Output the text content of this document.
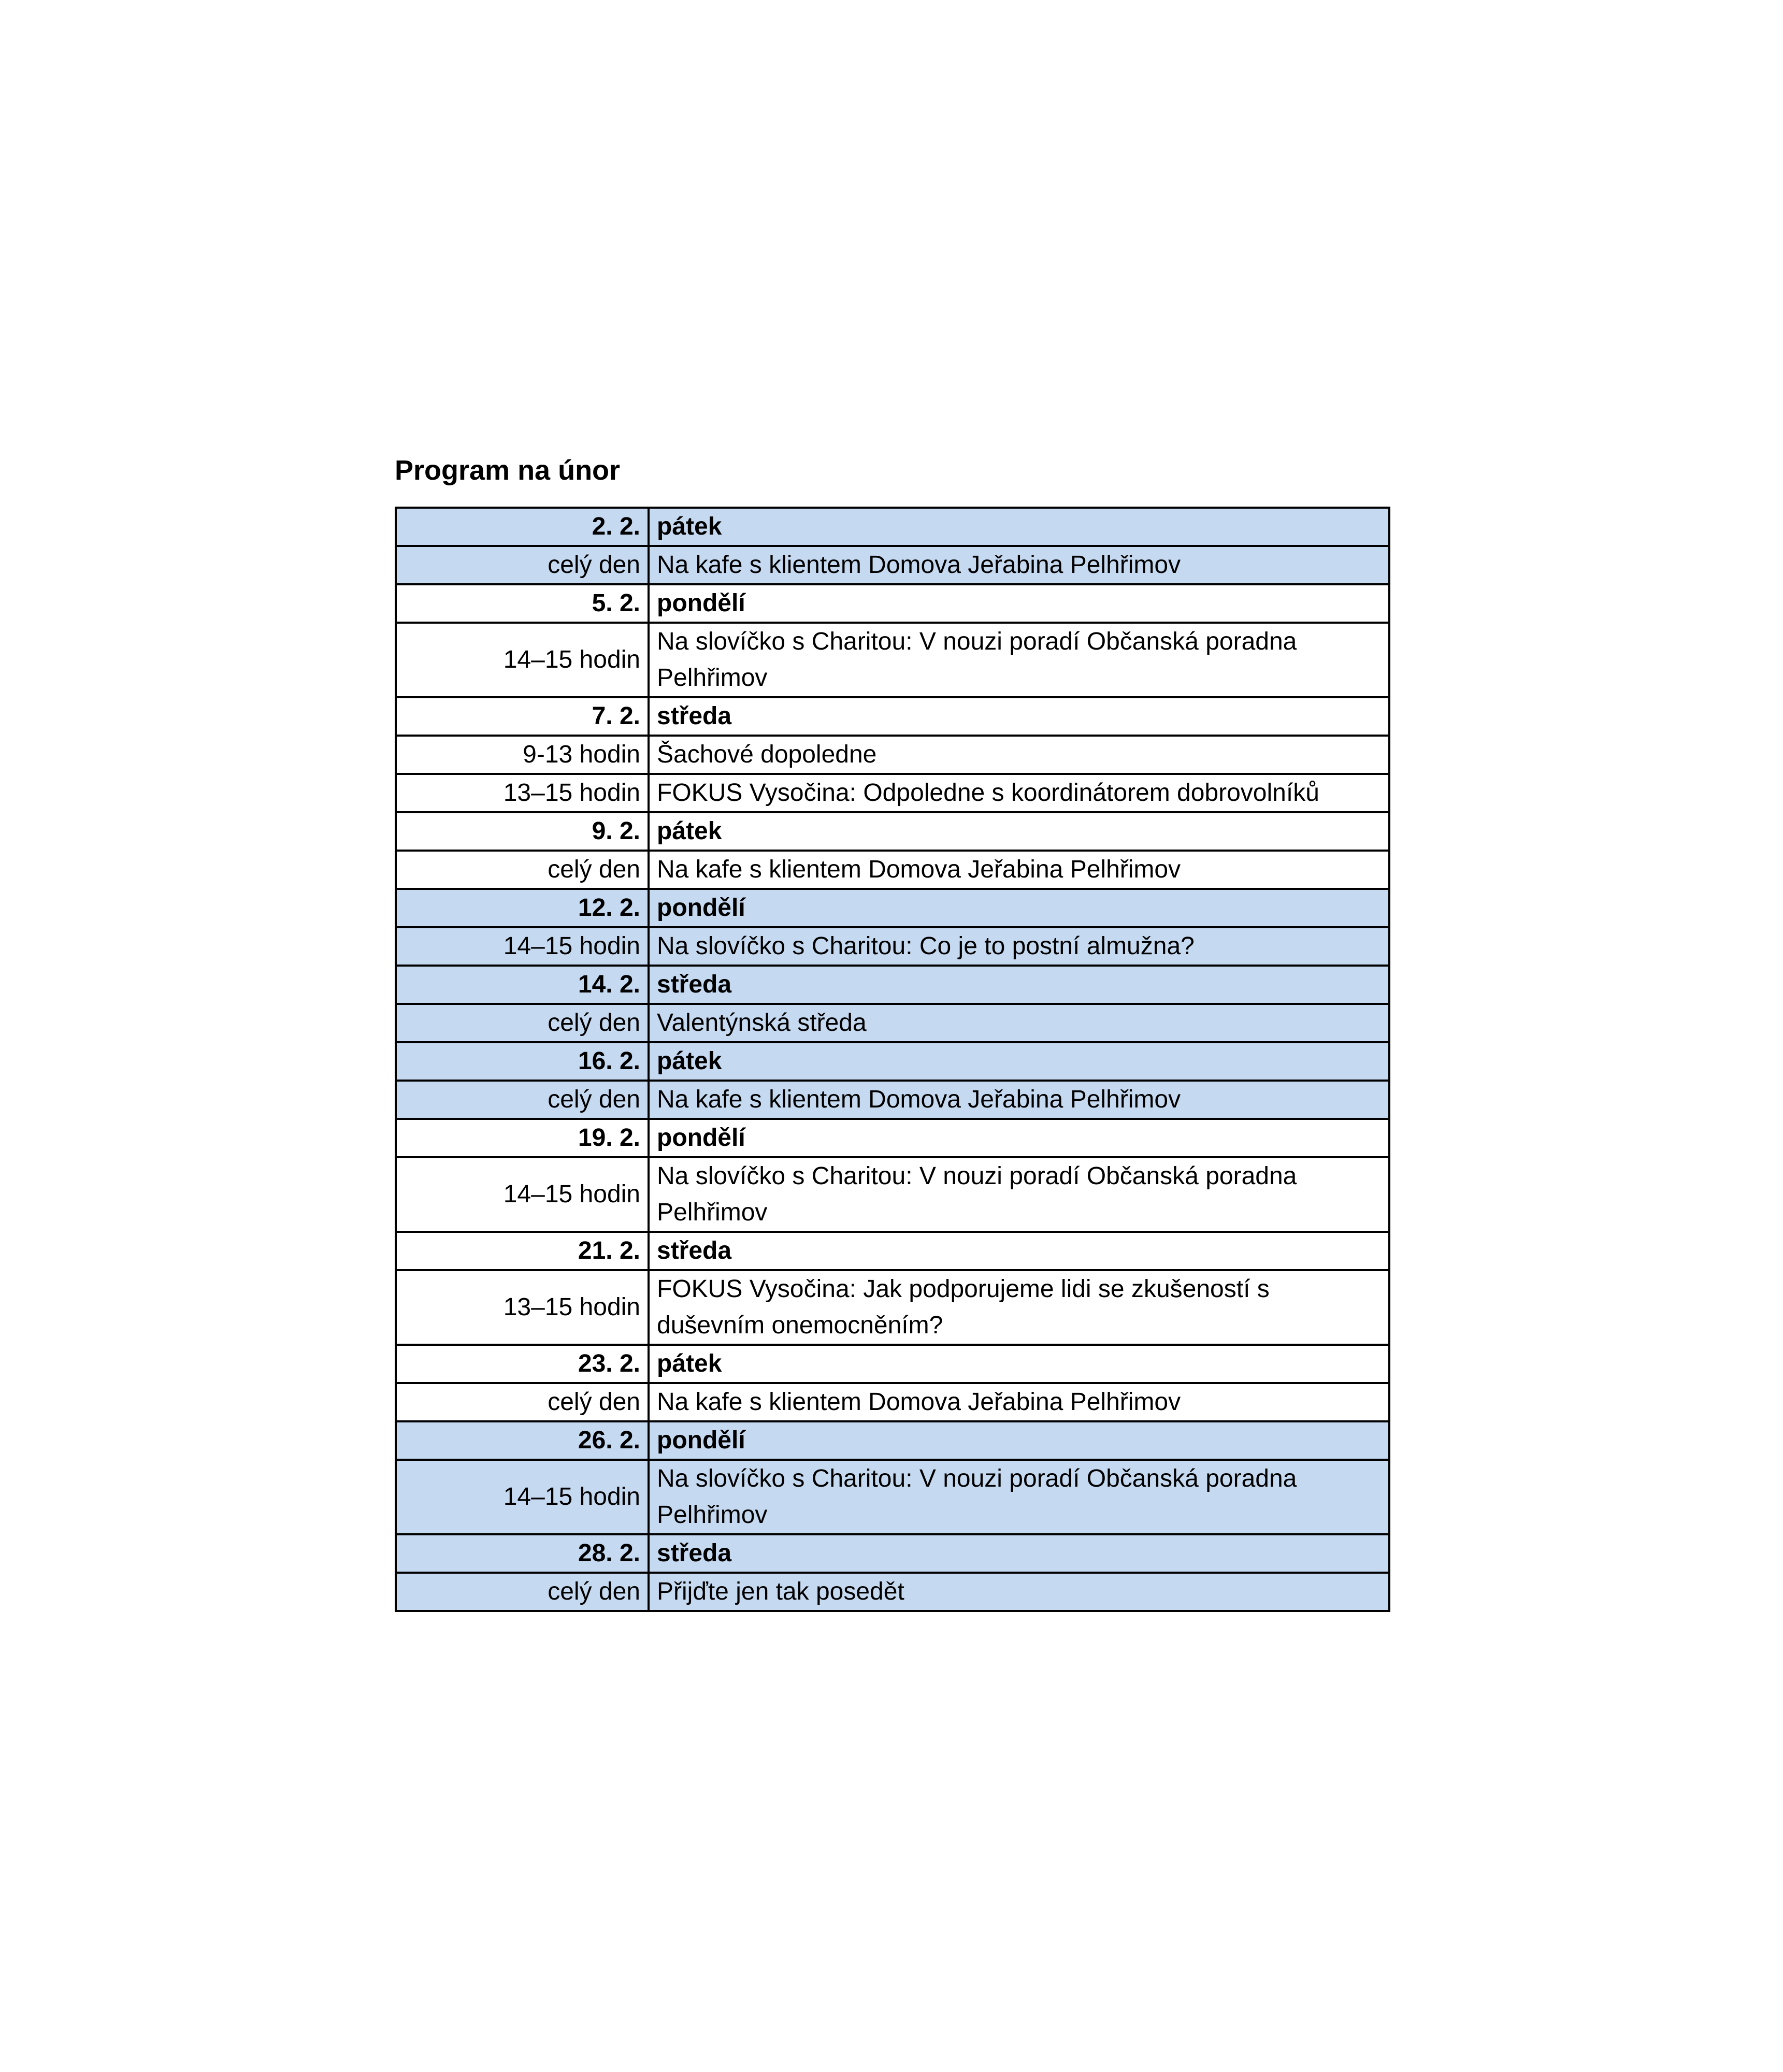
Program na únor
2. 2.	pátek
celý den	Na kafe s klientem Domova Jeřabina Pelhřimov
5. 2.	pondělí
14–15 hodin	Na slovíčko s Charitou: V nouzi poradí Občanská poradna Pelhřimov
7. 2.	středa
9-13 hodin	Šachové dopoledne
13–15 hodin	FOKUS Vysočina: Odpoledne s koordinátorem dobrovolníků
9. 2.	pátek
celý den	Na kafe s klientem Domova Jeřabina Pelhřimov
12. 2.	pondělí
14–15 hodin	Na slovíčko s Charitou: Co je to postní almužna?
14. 2.	středa
celý den	Valentýnská středa
16. 2.	pátek
celý den	Na kafe s klientem Domova Jeřabina Pelhřimov
19. 2.	pondělí
14–15 hodin	Na slovíčko s Charitou: V nouzi poradí Občanská poradna Pelhřimov
21. 2.	středa
13–15 hodin	FOKUS Vysočina: Jak podporujeme lidi se zkušeností s duševním onemocněním?
23. 2.	pátek
celý den	Na kafe s klientem Domova Jeřabina Pelhřimov
26. 2.	pondělí
14–15 hodin	Na slovíčko s Charitou: V nouzi poradí Občanská poradna Pelhřimov
28. 2.	středa
celý den	Přijďte jen tak posedět
